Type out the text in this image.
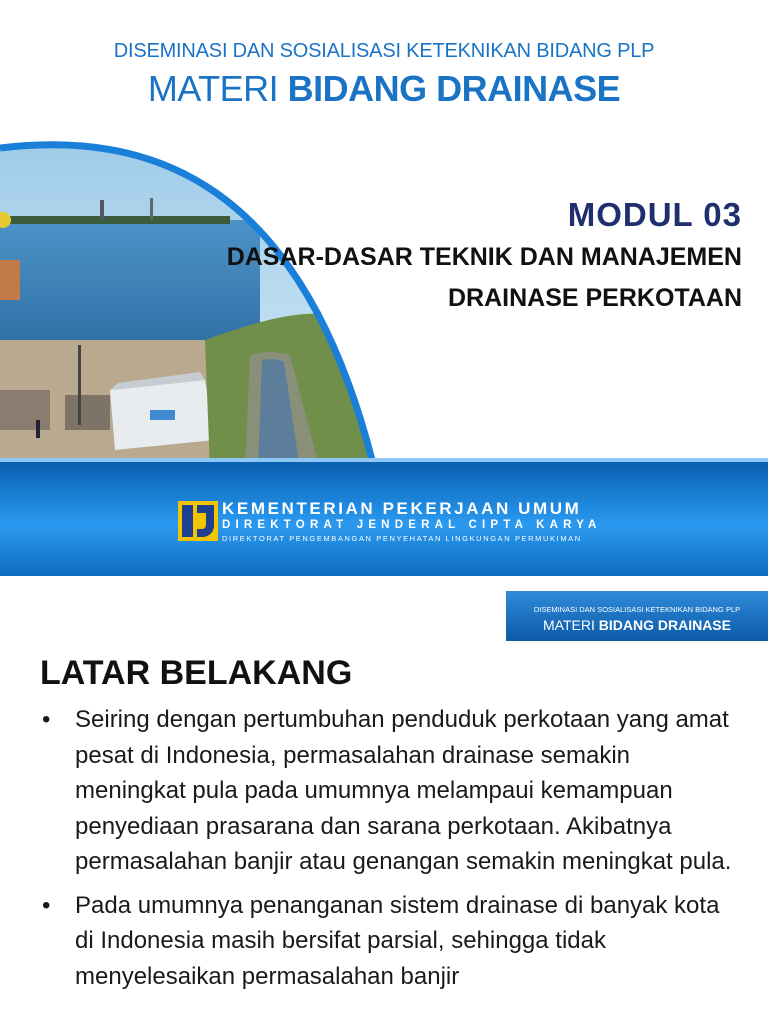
DISEMINASI DAN SOSIALISASI KETEKNIKAN BIDANG PLP
MATERI BIDANG DRAINASE
MODUL 03
DASAR-DASAR TEKNIK DAN MANAJEMEN
DRAINASE PERKOTAAN
KEMENTERIAN PEKERJAAN UMUM
DIREKTORAT JENDERAL CIPTA KARYA
DIREKTORAT PENGEMBANGAN PENYEHATAN LINGKUNGAN PERMUKIMAN
DISEMINASI DAN SOSIALISASI KETEKNIKAN BIDANG PLP
MATERI BIDANG DRAINASE
LATAR BELAKANG
• Seiring dengan pertumbuhan penduduk perkotaan yang amat pesat di Indonesia, permasalahan drainase semakin meningkat pula pada umumnya melampaui kemampuan penyediaan prasarana dan sarana perkotaan. Akibatnya permasalahan banjir atau genangan semakin meningkat pula.
• Pada umumnya penanganan sistem drainase di banyak kota di Indonesia masih bersifat parsial, sehingga tidak menyelesaikan permasalahan banjir
